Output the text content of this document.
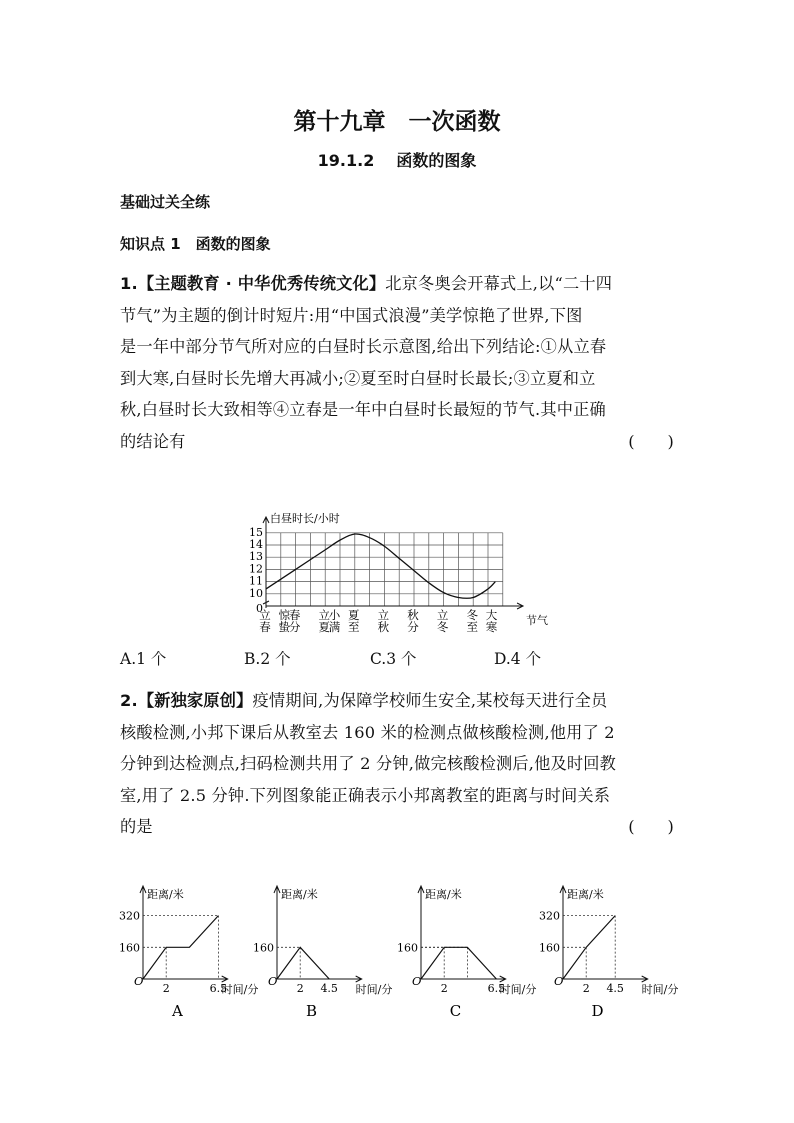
第十九章　一次函数
19.1.2 函数的图象
基础过关全练
知识点 1　函数的图象
1.【主题教育 · 中华优秀传统文化】北京冬奥会开幕式上,以“二十四
节气”为主题的倒计时短片:用“中国式浪漫”美学惊艳了世界,下图
是一年中部分节气所对应的白昼时长示意图,给出下列结论:①从立春
到大寒,白昼时长先增大再减小;②夏至时白昼时长最长;③立夏和立
秋,白昼时长大致相等④立春是一年中白昼时长最短的节气.其中正确
的结论有	(　　)
白昼时长/小时
0
10
11
12
13
14
15
立
春
惊
蛰
春
分
立
夏
小
满
夏
至
立
秋
秋
分
立
冬
冬
至
大
寒	节气
A.1 个	B.2 个	C.3 个	D.4 个
2.【新独家原创】疫情期间,为保障学校师生安全,某校每天进行全员
核酸检测,小邦下课后从教室去 160 米的检测点做核酸检测,他用了 2
分钟到达检测点,扫码检测共用了 2 分钟,做完核酸检测后,他及时回教
室,用了 2.5 分钟.下列图象能正确表示小邦离教室的距离与时间关系
的是	(　　)
距离/米
时间/分
O
160
320
2	6.5
A
距离/米
时间/分
O
160
2 4.5
B
距离/米
时间/分
O
160
2	6.5
C
距离/米
时间/分
O
160
320
2 4.5
D
